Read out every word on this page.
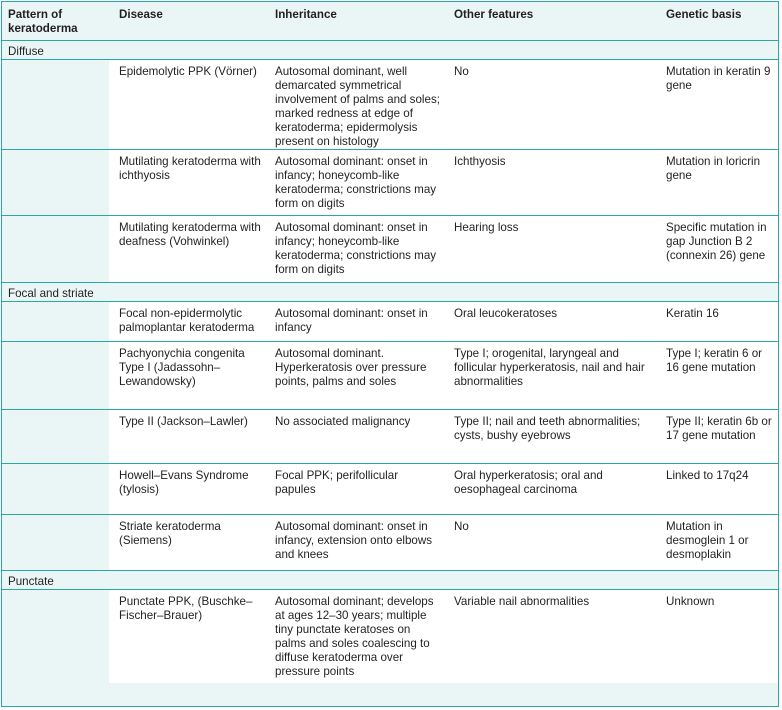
Pattern of keratoderma	Disease	Inheritance	Other features	Genetic basis
Diffuse				
	Epidemolytic PPK (Vörner)	Autosomal dominant, well demarcated symmetrical involvement of palms and soles; marked redness at edge of keratoderma; epidermolysis present on histology	No	Mutation in keratin 9 gene
	Mutilating keratoderma with ichthyosis	Autosomal dominant: onset in infancy; honeycomb-like keratoderma; constrictions may form on digits	Ichthyosis	Mutation in loricrin gene
	Mutilating keratoderma with deafness (Vohwinkel)	Autosomal dominant: onset in infancy; honeycomb-like keratoderma; constrictions may form on digits	Hearing loss	Specific mutation in gap Junction B 2 (connexin 26) gene
Focal and striate				
	Focal non-epidermolytic palmoplantar keratoderma	Autosomal dominant: onset in infancy	Oral leucokeratoses	Keratin 16
	Pachyonychia congenita Type I (Jadassohn–Lewandowsky)	Autosomal dominant. Hyperkeratosis over pressure points, palms and soles	Type I; orogenital, laryngeal and follicular hyperkeratosis, nail and hair abnormalities	Type I; keratin 6 or 16 gene mutation
	Type II (Jackson–Lawler)	No associated malignancy	Type II; nail and teeth abnormalities; cysts, bushy eyebrows	Type II; keratin 6b or 17 gene mutation
	Howell–Evans Syndrome (tylosis)	Focal PPK; perifollicular papules	Oral hyperkeratosis; oral and oesophageal carcinoma	Linked to 17q24
	Striate keratoderma (Siemens)	Autosomal dominant: onset in infancy, extension onto elbows and knees	No	Mutation in desmoglein 1 or desmoplakin
Punctate				
	Punctate PPK, (Buschke–Fischer–Brauer)	Autosomal dominant; develops at ages 12–30 years; multiple tiny punctate keratoses on palms and soles coalescing to diffuse keratoderma over pressure points	Variable nail abnormalities	Unknown
